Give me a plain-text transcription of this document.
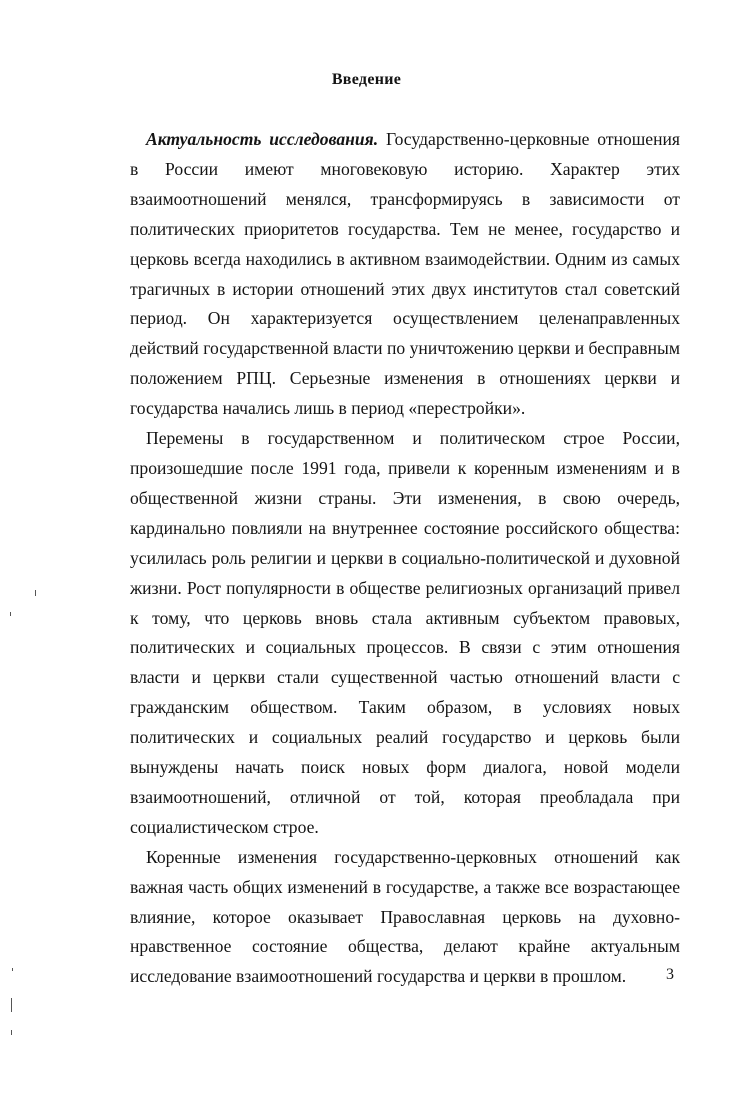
Введение

Актуальность исследования. Государственно-церковные отношения в России имеют многовековую историю. Характер этих взаимоотношений менялся, трансформируясь в зависимости от политических приоритетов государства. Тем не менее, государство и церковь всегда находились в активном взаимодействии. Одним из самых трагичных в истории отношений этих двух институтов стал советский период. Он характеризуется осуществлением целенаправленных действий государственной власти по уничтожению церкви и бесправным положением РПЦ. Серьезные изменения в отношениях церкви и государства начались лишь в период «перестройки».

Перемены в государственном и политическом строе России, произошедшие после 1991 года, привели к коренным изменениям и в общественной жизни страны. Эти изменения, в свою очередь, кардинально повлияли на внутреннее состояние российского общества: усилилась роль религии и церкви в социально-политической и духовной жизни. Рост популярности в обществе религиозных организаций привел к тому, что церковь вновь стала активным субъектом правовых, политических и социальных процессов. В связи с этим отношения власти и церкви стали существенной частью отношений власти с гражданским обществом. Таким образом, в условиях новых политических и социальных реалий государство и церковь были вынуждены начать поиск новых форм диалога, новой модели взаимоотношений, отличной от той, которая преобладала при социалистическом строе.

Коренные изменения государственно-церковных отношений как важная часть общих изменений в государстве, а также все возрастающее влияние, которое оказывает Православная церковь на духовно-нравственное состояние общества, делают крайне актуальным исследование взаимоотношений государства и церкви в прошлом.	3
